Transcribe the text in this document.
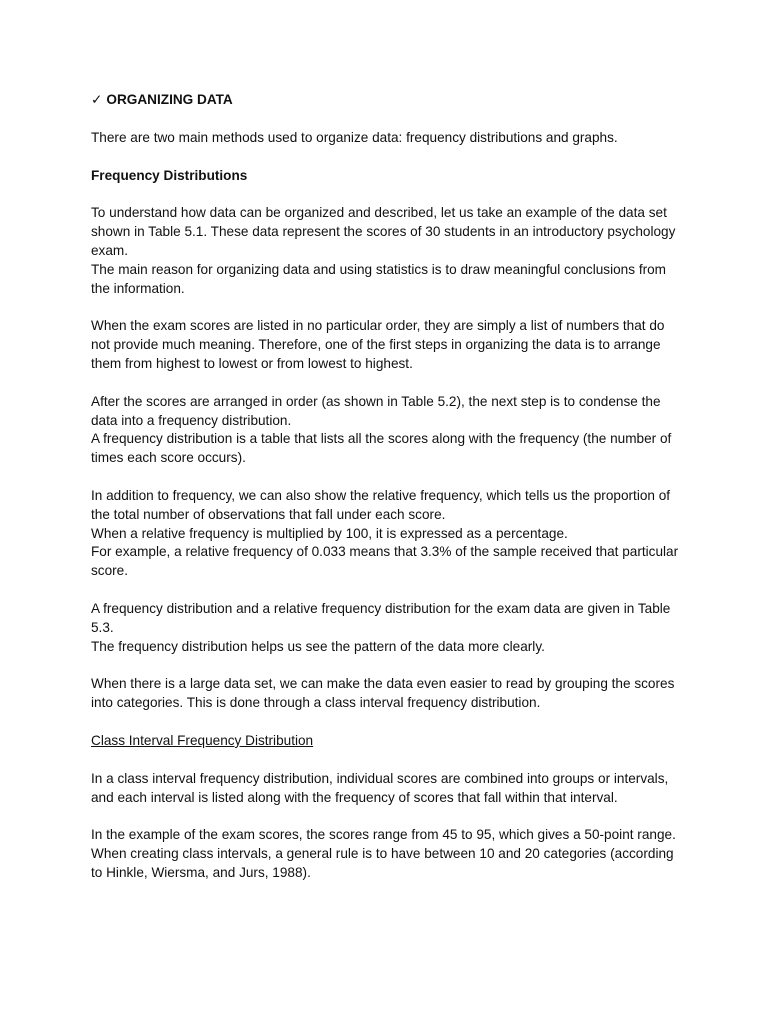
✓ ORGANIZING DATA

There are two main methods used to organize data: frequency distributions and graphs.

Frequency Distributions

To understand how data can be organized and described, let us take an example of the data set shown in Table 5.1. These data represent the scores of 30 students in an introductory psychology exam.

The main reason for organizing data and using statistics is to draw meaningful conclusions from the information.

When the exam scores are listed in no particular order, they are simply a list of numbers that do not provide much meaning. Therefore, one of the first steps in organizing the data is to arrange them from highest to lowest or from lowest to highest.

After the scores are arranged in order (as shown in Table 5.2), the next step is to condense the data into a frequency distribution.

A frequency distribution is a table that lists all the scores along with the frequency (the number of times each score occurs).

In addition to frequency, we can also show the relative frequency, which tells us the proportion of the total number of observations that fall under each score.

When a relative frequency is multiplied by 100, it is expressed as a percentage.

For example, a relative frequency of 0.033 means that 3.3% of the sample received that particular score.

A frequency distribution and a relative frequency distribution for the exam data are given in Table 5.3.

The frequency distribution helps us see the pattern of the data more clearly.

When there is a large data set, we can make the data even easier to read by grouping the scores into categories. This is done through a class interval frequency distribution.

Class Interval Frequency Distribution

In a class interval frequency distribution, individual scores are combined into groups or intervals, and each interval is listed along with the frequency of scores that fall within that interval.

In the example of the exam scores, the scores range from 45 to 95, which gives a 50-point range.

When creating class intervals, a general rule is to have between 10 and 20 categories (according to Hinkle, Wiersma, and Jurs, 1988).
